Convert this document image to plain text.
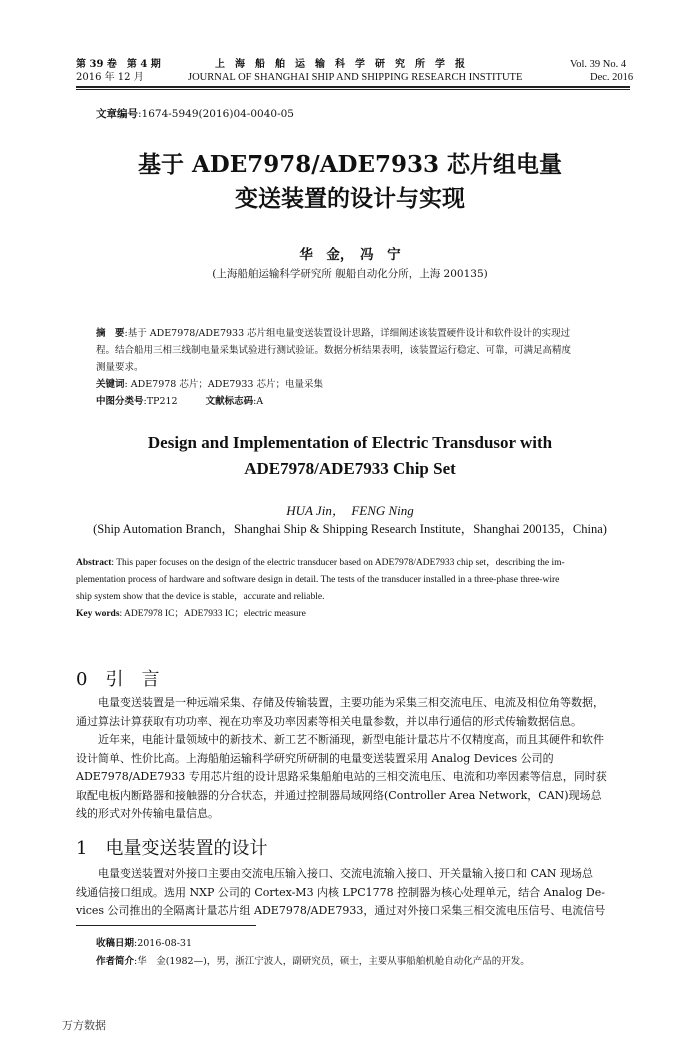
第 39 卷　第 4 期
2016 年 12 月
上　海　船　舶　运　输　科　学　研　究　所　学　报
JOURNAL OF SHANGHAI SHIP AND SHIPPING RESEARCH INSTITUTE
Vol. 39 No. 4
Dec. 2016
文章编号:1674-5949(2016)04-0040-05
基于 ADE7978/ADE7933 芯片组电量
变送装置的设计与实现
华　金，　冯　宁
(上海船舶运输科学研究所 舰船自动化分所，上海 200135)
摘　要:基于 ADE7978/ADE7933 芯片组电量变送装置设计思路，详细阐述该装置硬件设计和软件设计的实现过
程。结合船用三相三线制电量采集试验进行测试验证。数据分析结果表明，该装置运行稳定、可靠，可满足高精度
测量要求。
关键词: ADE7978 芯片；ADE7933 芯片；电量采集
中图分类号:TP212	文献标志码:A
Design and Implementation of Electric Transdusor with
ADE7978/ADE7933 Chip Set
HUA Jin，　FENG Ning
(Ship Automation Branch，Shanghai Ship & Shipping Research Institute，Shanghai 200135，China)
Abstract: This paper focuses on the design of the electric transducer based on ADE7978/ADE7933 chip set，describing the im-
plementation process of hardware and software design in detail. The tests of the transducer installed in a three-phase three-wire
ship system show that the device is stable，accurate and reliable.
Key words: ADE7978 IC；ADE7933 IC；electric measure
0　引　言
电量变送装置是一种远端采集、存储及传输装置，主要功能为采集三相交流电压、电流及相位角等数据，
通过算法计算获取有功功率、视在功率及功率因素等相关电量参数，并以串行通信的形式传输数据信息。
近年来，电能计量领域中的新技术、新工艺不断涌现，新型电能计量芯片不仅精度高，而且其硬件和软件
设计简单、性价比高。上海船舶运输科学研究所研制的电量变送装置采用 Analog Devices 公司的
ADE7978/ADE7933 专用芯片组的设计思路采集船舶电站的三相交流电压、电流和功率因素等信息，同时获
取配电板内断路器和接触器的分合状态，并通过控制器局域网络(Controller Area Network，CAN)现场总
线的形式对外传输电量信息。
1　电量变送装置的设计
电量变送装置对外接口主要由交流电压输入接口、交流电流输入接口、开关量输入接口和 CAN 现场总
线通信接口组成。选用 NXP 公司的 Cortex-M3 内核 LPC1778 控制器为核心处理单元，结合 Analog De-
vices 公司推出的全隔离计量芯片组 ADE7978/ADE7933，通过对外接口采集三相交流电压信号、电流信号
收稿日期:2016-08-31
作者简介:华　金(1982—)，男，浙江宁波人，副研究员，硕士，主要从事船舶机舱自动化产品的开发。
万方数据
